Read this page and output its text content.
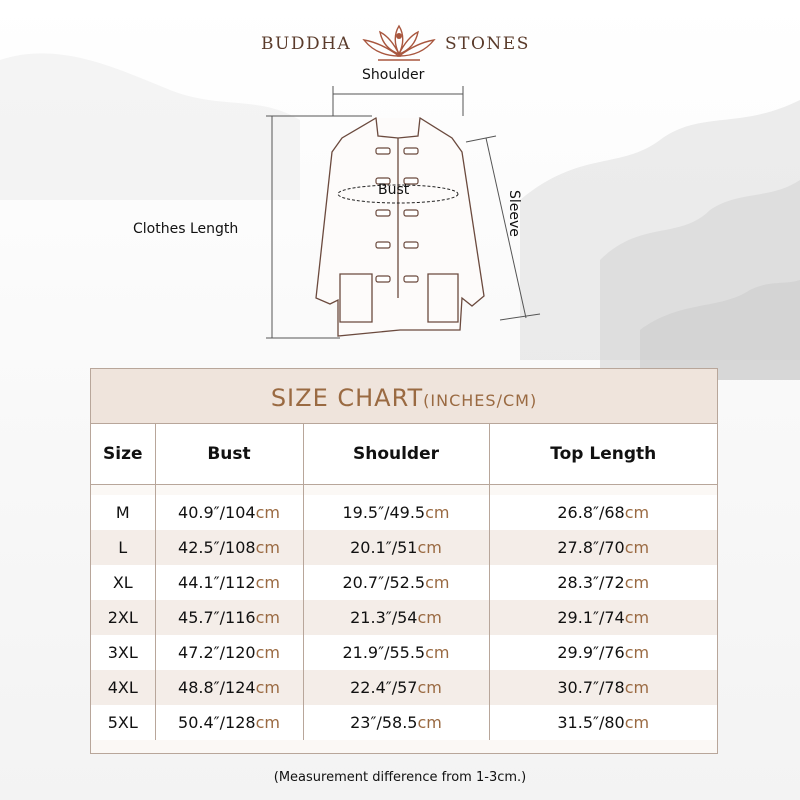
BUDDHA	STONES
Shoulder
Bust
Clothes Length	Sleeve
SIZE CHART(INCHES/CM)
Size	Bust	Shoulder	Top Length

M	40.9″/104cm	19.5″/49.5cm	26.8″/68cm
L	42.5″/108cm	20.1″/51cm	27.8″/70cm
XL	44.1″/112cm	20.7″/52.5cm	28.3″/72cm
2XL	45.7″/116cm	21.3″/54cm	29.1″/74cm
3XL	47.2″/120cm	21.9″/55.5cm	29.9″/76cm
4XL	48.8″/124cm	22.4″/57cm	30.7″/78cm
5XL	50.4″/128cm	23″/58.5cm	31.5″/80cm
(Measurement difference from 1-3cm.)
